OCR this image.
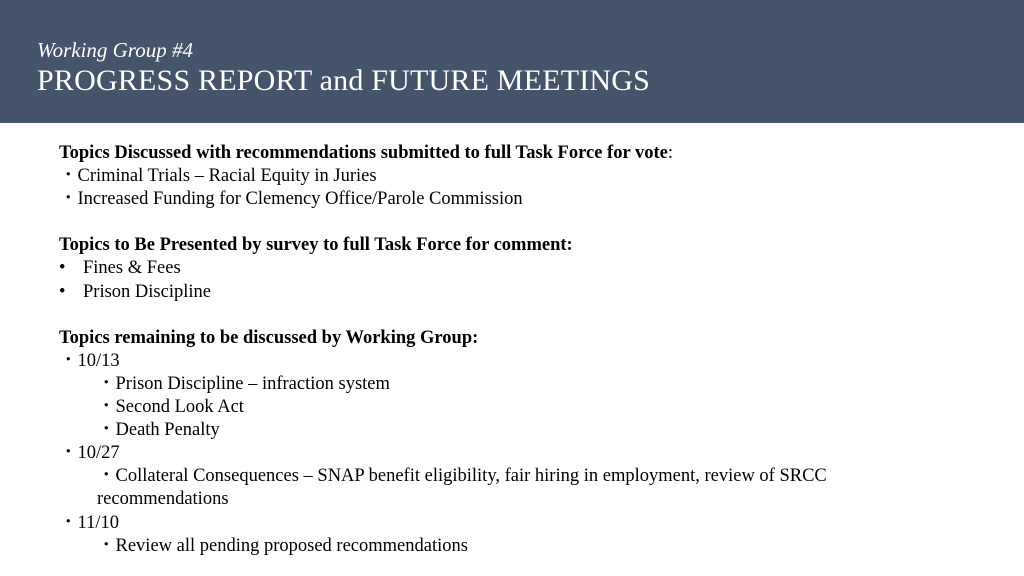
Working Group #4
PROGRESS REPORT and FUTURE MEETINGS
Topics Discussed with recommendations submitted to full Task Force for vote:
・Criminal Trials – Racial Equity in Juries
・Increased Funding for Clemency Office/Parole Commission
Topics to Be Presented by survey to full Task Force for comment:
• Fines & Fees
• Prison Discipline
Topics remaining to be discussed by Working Group:
・10/13
・Prison Discipline – infraction system
・Second Look Act
・Death Penalty
・10/27
・Collateral Consequences – SNAP benefit eligibility, fair hiring in employment, review of SRCC
recommendations
・11/10
・Review all pending proposed recommendations
